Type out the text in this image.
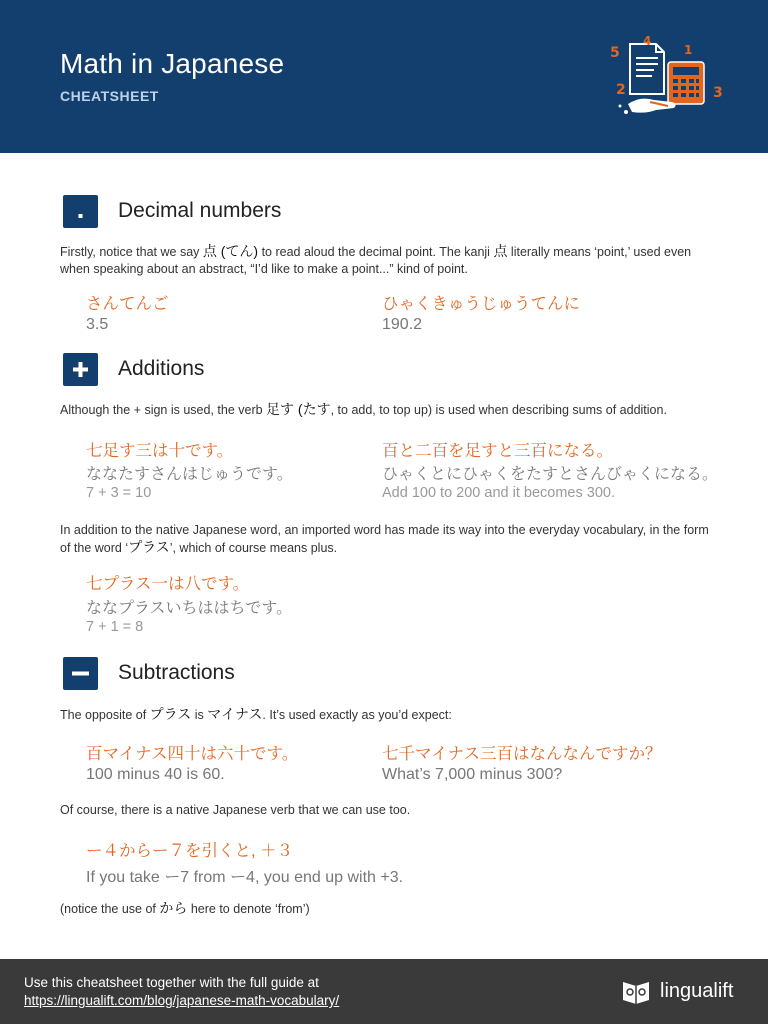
Math in Japanese
CHEATSHEET
5
4
1
2	3
Decimal numbers
Firstly, notice that we say 点 (てん) to read aloud the decimal point. The kanji 点 literally means ‘point,’ used even when speaking about an abstract, “I’d like to make a point...” kind of point.
さんてんご
3.5
ひゃくきゅうじゅうてんに
190.2
Additions
Although the + sign is used, the verb 足す (たす, to add, to top up) is used when describing sums of addition.
七足す三は十です。
ななたすさんはじゅうです。
7 + 3 = 10
百と二百を足すと三百になる。
ひゃくとにひゃくをたすとさんびゃくになる。
Add 100 to 200 and it becomes 300.
In addition to the native Japanese word, an imported word has made its way into the everyday vocabulary, in the form of the word ‘プラス’, which of course means plus.
七プラス一は八です。
ななプラスいちははちです。
7 + 1 = 8
Subtractions
The opposite of プラス is マイナス. It’s used exactly as you’d expect:
百マイナス四十は六十です。
100 minus 40 is 60.
七千マイナス三百はなんなんですか？
What’s 7,000 minus 300?
Of course, there is a native Japanese verb that we can use too.
ー４からー７を引くと, ＋３
If you take ー7 from ー4, you end up with +3.
(notice the use of から here to denote ‘from’)
Use this cheatsheet together with the full guide at
https://lingualift.com/blog/japanese-math-vocabulary/	lingualift
